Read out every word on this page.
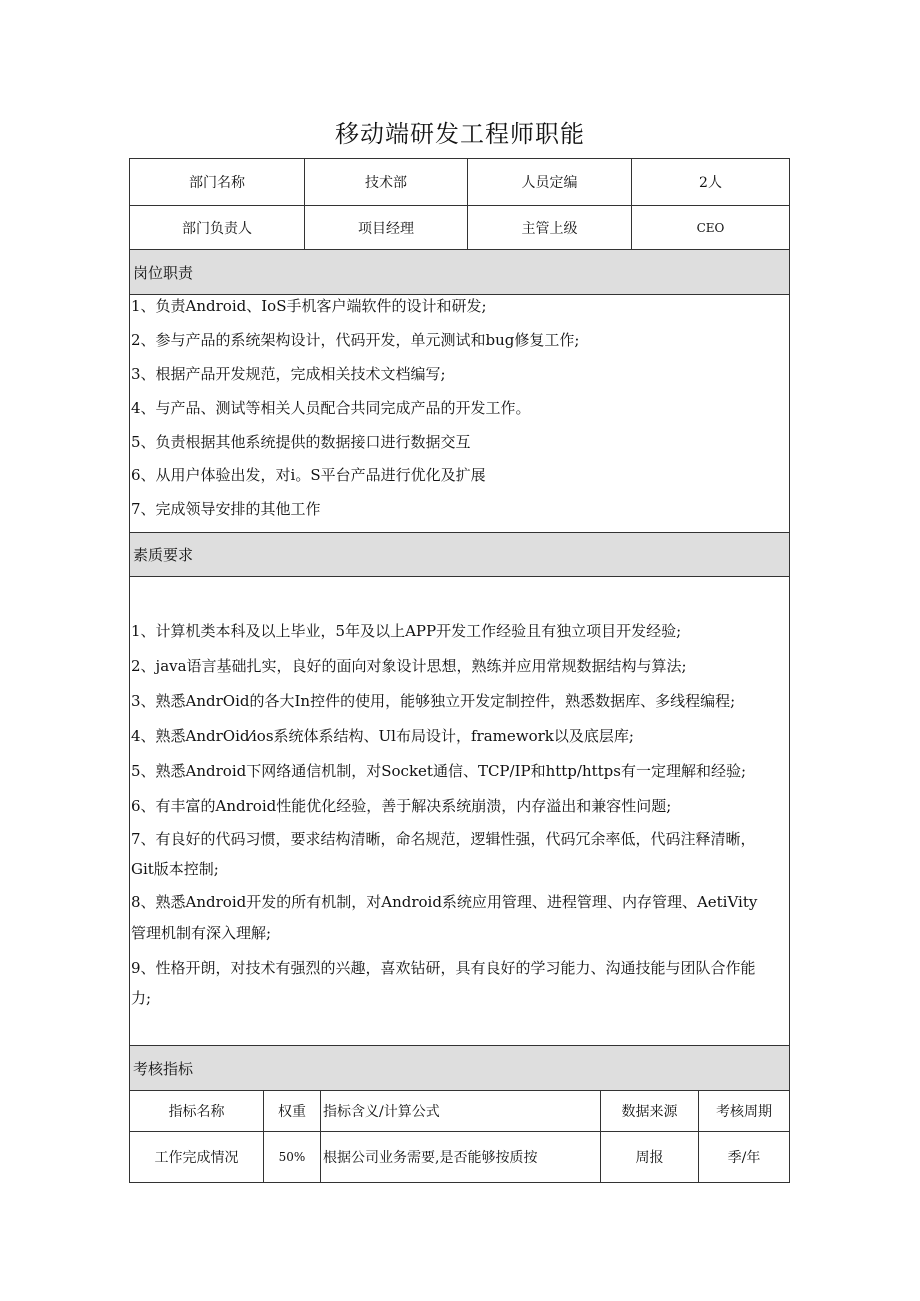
移动端研发工程师职能
部门名称	技术部	人员定编	2人
部门负责人	项目经理	主管上级	CEO
岗位职责
1、负责Android、IoS手机客户端软件的设计和研发;
2、参与产品的系统架构设计，代码开发，单元测试和bug修复工作;
3、根据产品开发规范，完成相关技术文档编写;
4、与产品、测试等相关人员配合共同完成产品的开发工作。
5、负责根据其他系统提供的数据接口进行数据交互
6、从用户体验出发，对i。S平台产品进行优化及扩展
7、完成领导安排的其他工作
素质要求
1、计算机类本科及以上毕业，5年及以上APP开发工作经验且有独立项目开发经验;
2、java语言基础扎实，良好的面向对象设计思想，熟练并应用常规数据结构与算法;
3、熟悉AndrOid的各大In控件的使用，能够独立开发定制控件，熟悉数据库、多线程编程;
4、熟悉AndrOid⁄ios系统体系结构、Ul布局设计，framework以及底层库;
5、熟悉Android下网络通信机制，对Socket通信、TCP/IP和http/https有一定理解和经验;
6、有丰富的Android性能优化经验，善于解决系统崩溃，内存溢出和兼容性问题;
7、有良好的代码习惯，要求结构清晰，命名规范，逻辑性强，代码冗余率低，代码注释清晰，
Git版本控制;
8、熟悉Android开发的所有机制，对Android系统应用管理、进程管理、内存管理、AetiVity
管理机制有深入理解;
9、性格开朗，对技术有强烈的兴趣，喜欢钻研，具有良好的学习能力、沟通技能与团队合作能
力;
考核指标
指标名称	权重	指标含义/计算公式	数据来源	考核周期
工作完成情况	50%	根据公司业务需要,是否能够按质按	周报	季/年
